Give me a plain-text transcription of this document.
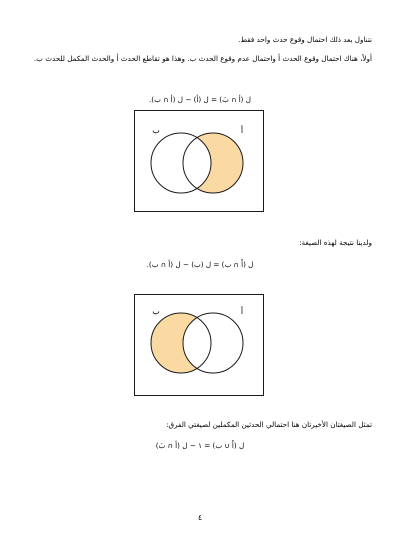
نتناول بعد ذلك احتمال وقوع حدث واحد فقط.
أولاً، هناك احتمال وقوع الحدث أ واحتمال عدم وقوع الحدث ب. وهذا هو تقاطع الحدث أ والحدث المكمل للحدث ب.
ل (أ ∩ بَ) = ل (أ) − ل (أ ∩ ب).
أ
ب
ولدينا نتيجة لهذه الصيغة:
ل (أَ ∩ ب) = ل (ب) − ل (أ ∩ ب).
أ
ب
تمثل الصيغتان الأخيرتان هنا احتمالي الحدثين المكملين لصيغتي الفرق:
ل (أَ ∪ ب) = ١ − ل (أ ∩ بَ)
٤
